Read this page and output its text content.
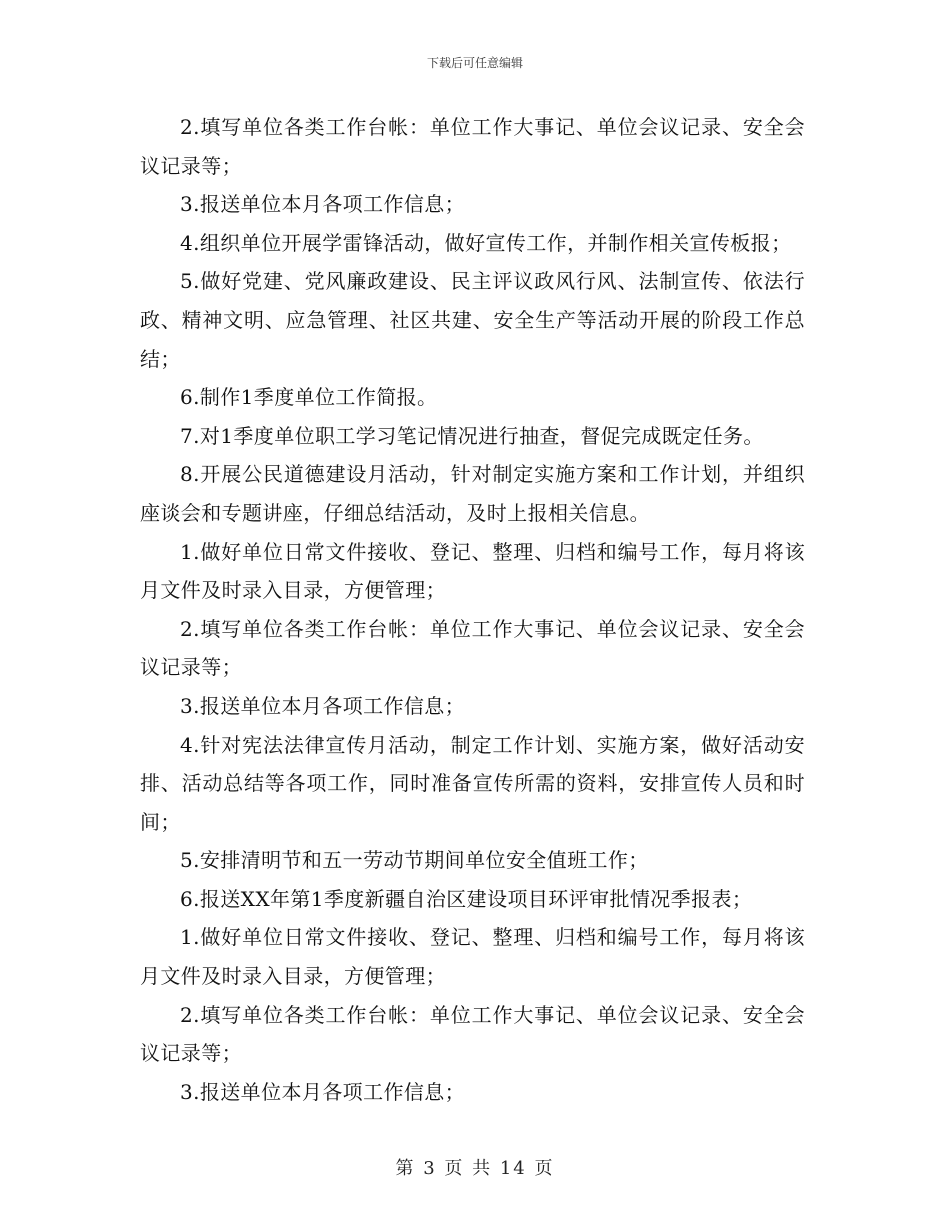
下载后可任意编辑

2.填写单位各类工作台帐：单位工作大事记、单位会议记录、安全会议记录等；

3.报送单位本月各项工作信息；

4.组织单位开展学雷锋活动，做好宣传工作，并制作相关宣传板报；

5.做好党建、党风廉政建设、民主评议政风行风、法制宣传、依法行政、精神文明、应急管理、社区共建、安全生产等活动开展的阶段工作总结；

6.制作1季度单位工作简报。

7.对1季度单位职工学习笔记情况进行抽查，督促完成既定任务。

8.开展公民道德建设月活动，针对制定实施方案和工作计划，并组织座谈会和专题讲座，仔细总结活动，及时上报相关信息。

1.做好单位日常文件接收、登记、整理、归档和编号工作，每月将该月文件及时录入目录，方便管理；

2.填写单位各类工作台帐：单位工作大事记、单位会议记录、安全会议记录等；

3.报送单位本月各项工作信息；

4.针对宪法法律宣传月活动，制定工作计划、实施方案，做好活动安排、活动总结等各项工作，同时准备宣传所需的资料，安排宣传人员和时间；

5.安排清明节和五一劳动节期间单位安全值班工作；

6.报送XX年第1季度新疆自治区建设项目环评审批情况季报表；

1.做好单位日常文件接收、登记、整理、归档和编号工作，每月将该月文件及时录入目录，方便管理；

2.填写单位各类工作台帐：单位工作大事记、单位会议记录、安全会议记录等；

3.报送单位本月各项工作信息；

第 3 页 共 14 页
